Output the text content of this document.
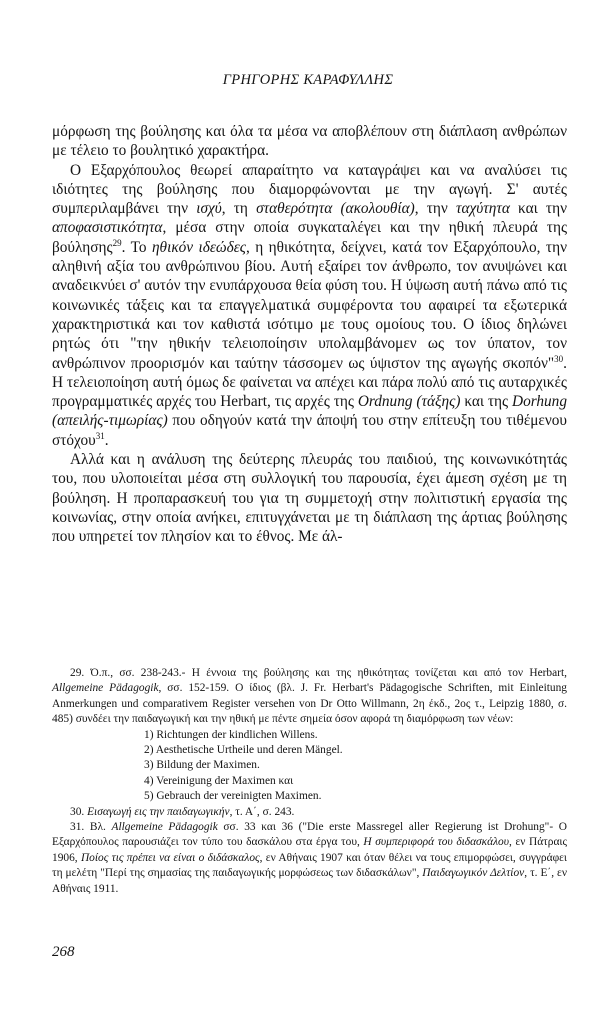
ΓΡΗΓΟΡΗΣ ΚΑΡΑΦΥΛΛΗΣ

μόρφωση της βούλησης και όλα τα μέσα να αποβλέπουν στη διάπλαση ανθρώπων με τέλειο το βουλητικό χαρακτήρα.

Ο Εξαρχόπουλος θεωρεί απαραίτητο να καταγράψει και να αναλύσει τις ιδιότητες της βούλησης που διαμορφώνονται με την αγωγή. Σ' αυτές συμπεριλαμβάνει την ισχύ, τη σταθερότητα (ακολουθία), την ταχύτητα και την αποφασιστικότητα, μέσα στην οποία συγκαταλέγει και την ηθική πλευρά της βούλησης$^{29}$. Το ηθικόν ιδεώδες, η ηθικότητα, δείχνει, κατά τον Εξαρχόπουλο, την αληθινή αξία του ανθρώπινου βίου. Αυτή εξαίρει τον άνθρωπο, τον ανυψώνει και αναδεικνύει σ' αυτόν την ενυπάρχουσα θεία φύση του. Η ύψωση αυτή πάνω από τις κοινωνικές τάξεις και τα επαγγελματικά συμφέροντα του αφαιρεί τα εξωτερικά χαρακτηριστικά και τον καθιστά ισότιμο με τους ομοίους του. Ο ίδιος δηλώνει ρητώς ότι "την ηθικήν τελειοποίησιν υπολαμβάνομεν ως τον ύπατον, τον ανθρώπινον προορισμόν και ταύτην τάσσομεν ως ύψιστον της αγωγής σκοπόν"$^{30}$. Η τελειοποίηση αυτή όμως δε φαίνεται να απέχει και πάρα πολύ από τις αυταρχικές προγραμματικές αρχές του Herbart, τις αρχές της Ordnung (τάξης) και της Dorhung (απειλής-τιμωρίας) που οδηγούν κατά την άποψή του στην επίτευξη του τιθέμενου στόχου$^{31}$.

Αλλά και η ανάλυση της δεύτερης πλευράς του παιδιού, της κοινωνικότητάς του, που υλοποιείται μέσα στη συλλογική του παρουσία, έχει άμεση σχέση με τη βούληση. Η προπαρασκευή του για τη συμμετοχή στην πολιτιστική εργασία της κοινωνίας, στην οποία ανήκει, επιτυγχάνεται με τη διάπλαση της άρτιας βούλησης που υπηρετεί τον πλησίον και το έθνος. Με άλ-

29. Ό.π., σσ. 238-243.- Η έννοια της βούλησης και της ηθικότητας τονίζεται και από τον Herbart, Allgemeine Pädagogik, σσ. 152-159. Ο ίδιος (βλ. J. Fr. Herbart's Pädagogische Schriften, mit Einleitung Anmerkungen und comparativem Register versehen von Dr Otto Willmann, 2η έκδ., 2ος τ., Leipzig 1880, σ. 485) συνδέει την παιδαγωγική και την ηθική με πέντε σημεία όσον αφορά τη διαμόρφωση των νέων:

1) Richtungen der kindlichen Willens.
2) Aesthetische Urtheile und deren Mängel.
3) Bildung der Maximen.
4) Vereinigung der Maximen και
5) Gebrauch der vereinigten Maximen.

30. Εισαγωγή εις την παιδαγωγικήν, τ. Α΄, σ. 243.

31. Βλ. Allgemeine Pädagogik σσ. 33 και 36 ("Die erste Massregel aller Regierung ist Drohung"- Ο Εξαρχόπουλος παρουσιάζει τον τύπο του δασκάλου στα έργα του, Η συμπεριφορά του διδασκάλου, εν Πάτραις 1906, Ποίος τις πρέπει να είναι ο διδάσκαλος, εν Αθήναις 1907 και όταν θέλει να τους επιμορφώσει, συγγράφει τη μελέτη "Περί της σημασίας της παιδαγωγικής μορφώσεως των διδασκάλων", Παιδαγωγικόν Δελτίον, τ. Ε΄, εν Αθήναις 1911.

268
